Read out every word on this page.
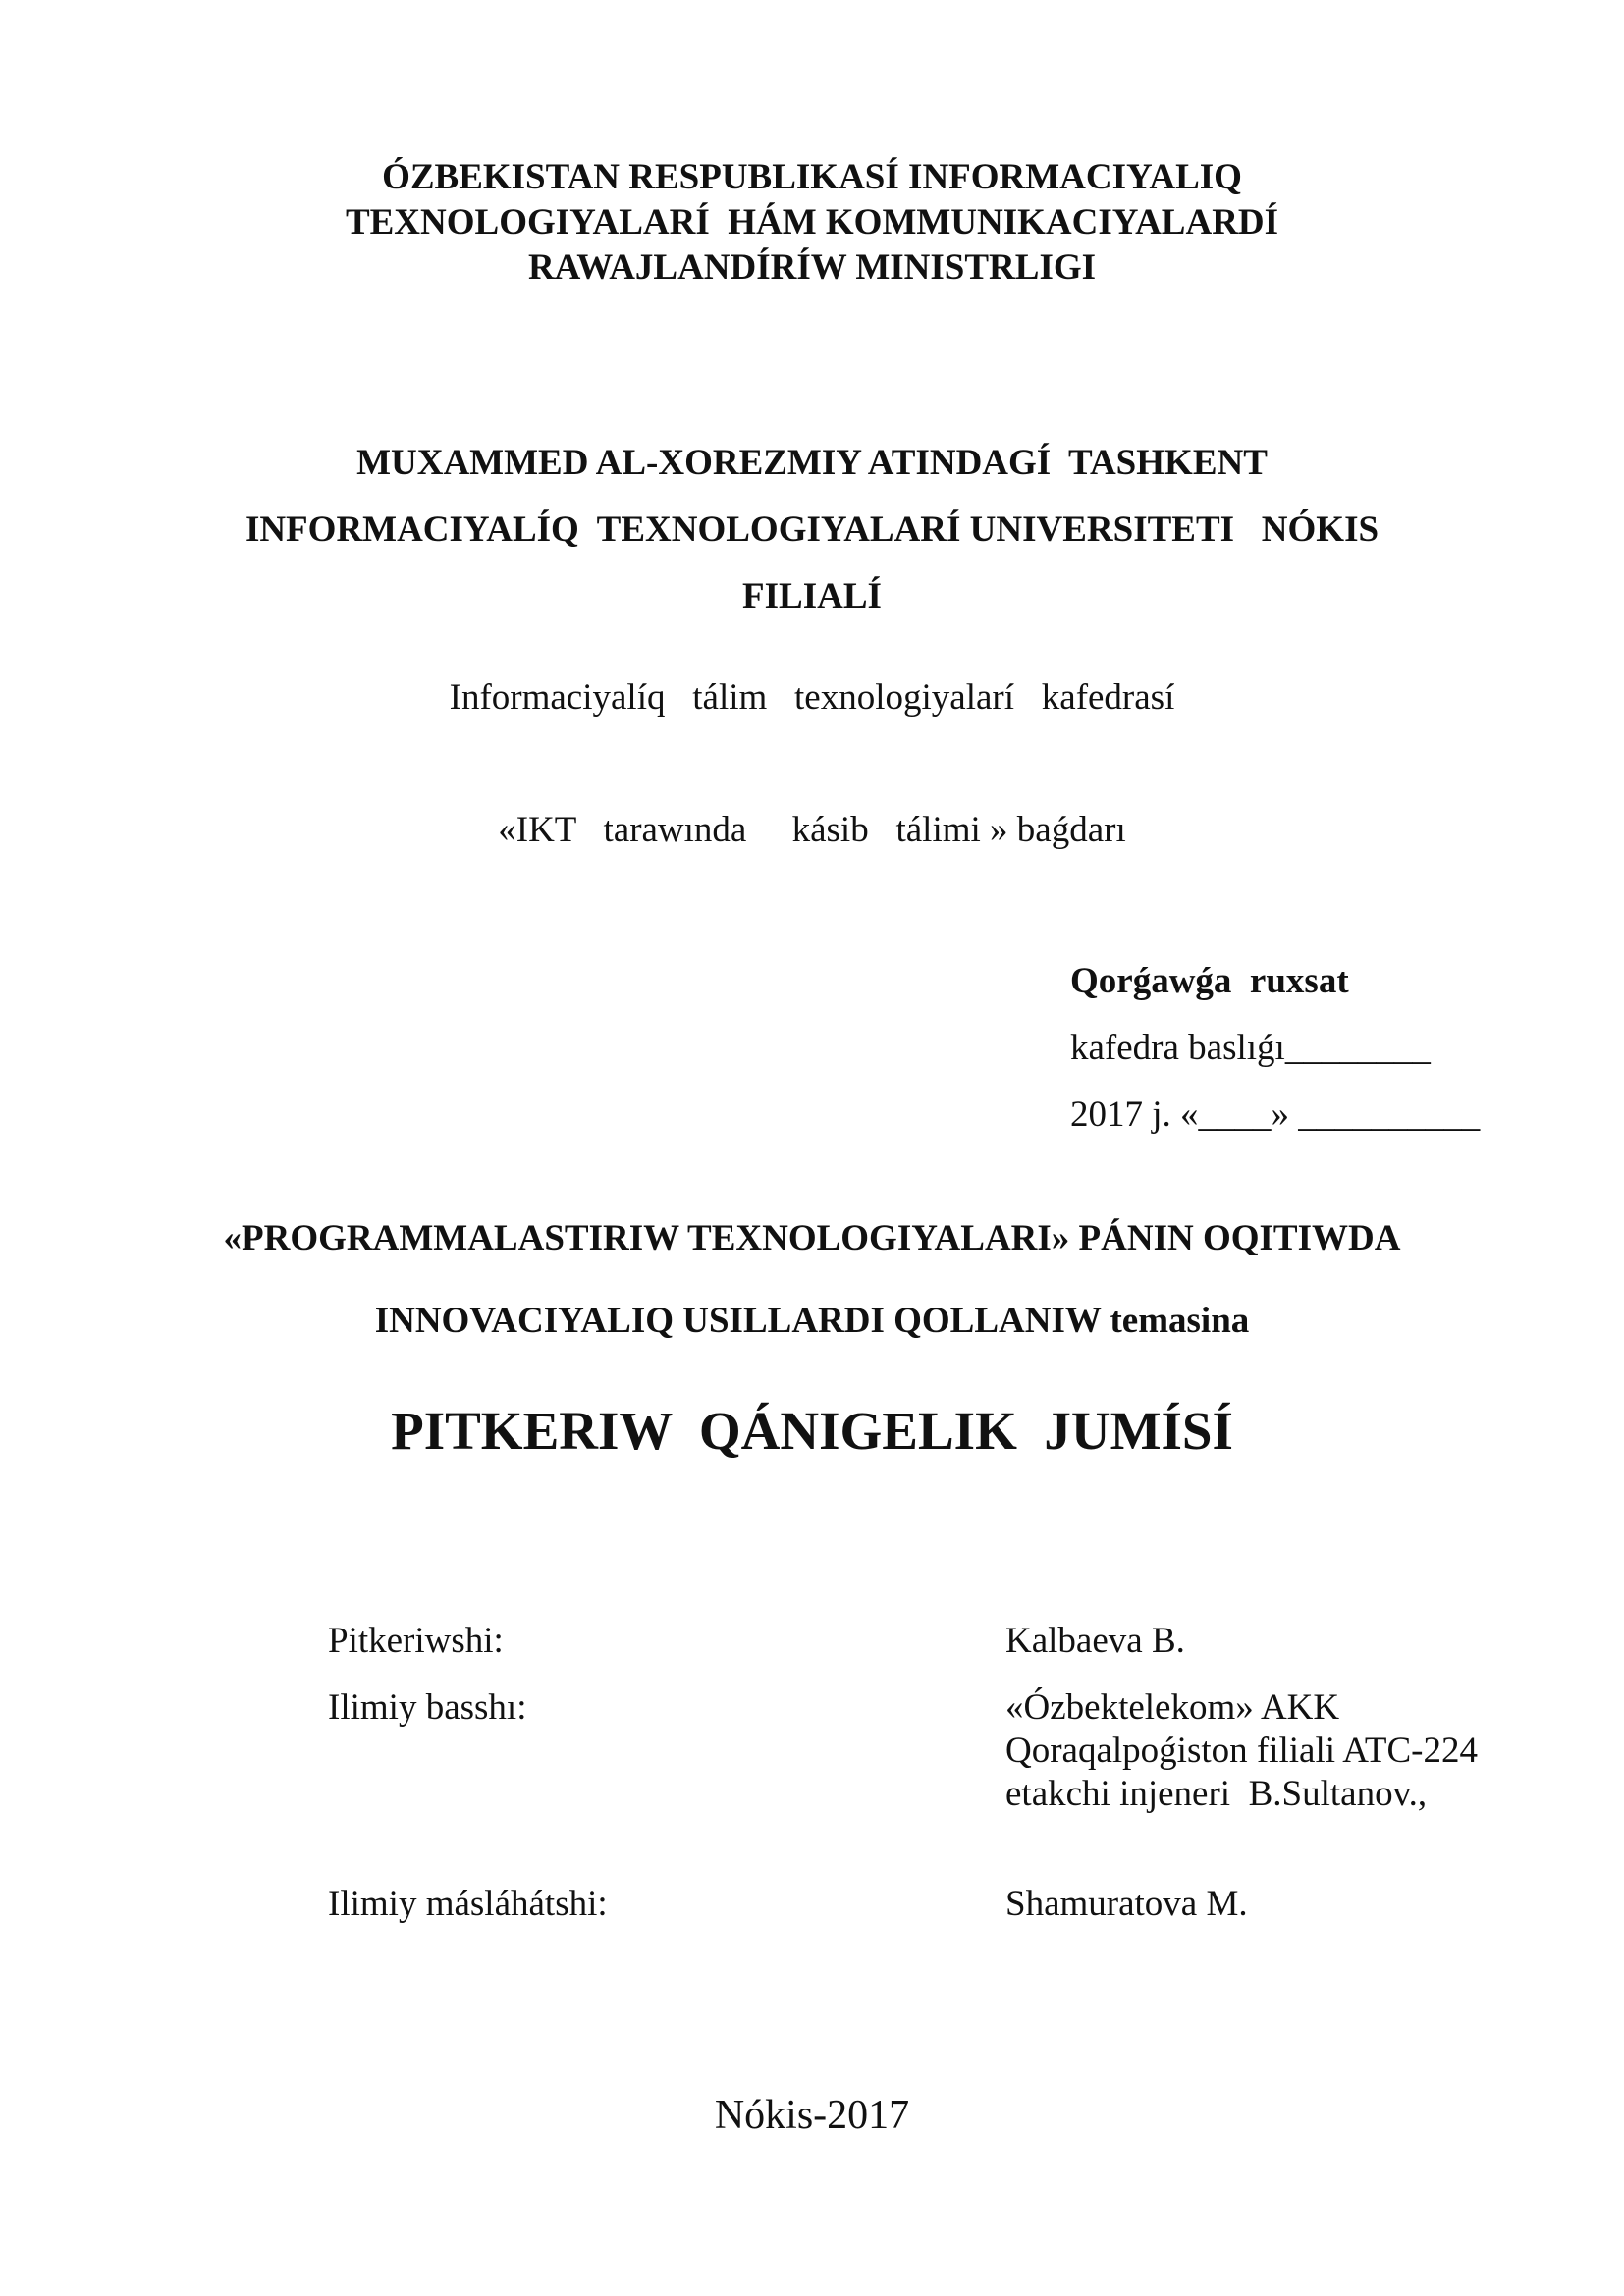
ÓZBEKISTAN RESPUBLIKASÍ INFORMACIYALIQ
TEXNOLOGIYALARÍ  HÁM KOMMUNIKACIYALARDÍ
RAWAJLANDÍRÍW MINISTRLIGI
MUXAMMED AL-XOREZMIY ATINDAGÍ  TASHKENT
INFORMACIYALÍQ  TEXNOLOGIYALARÍ UNIVERSITETI   NÓKIS
FILIALÍ
Informaciyalíq   tálim   texnologiyalarí   kafedrasí
«IKT   tarawında     kásib   tálimi » baǵdarı
Qorǵawǵa  ruxsat
kafedra baslıǵı________
2017 j. «____» __________
«PROGRAMMALASTIRIW TEXNOLOGIYALARI» PÁNIN OQITIWDA
INNOVACIYALIQ USILLARDI QOLLANIW temasina
PITKERIW  QÁNIGELIK  JUMÍSÍ
Pitkeriwshi:	Kalbaeva B.
Ilimiy basshı:	«Ózbektelekom» AKK
Qoraqalpoǵiston filiali ATC-224
etakchi injeneri  B.Sultanov.,
Ilimiy másláhátshi:	Shamuratova M.
Nókis-2017
